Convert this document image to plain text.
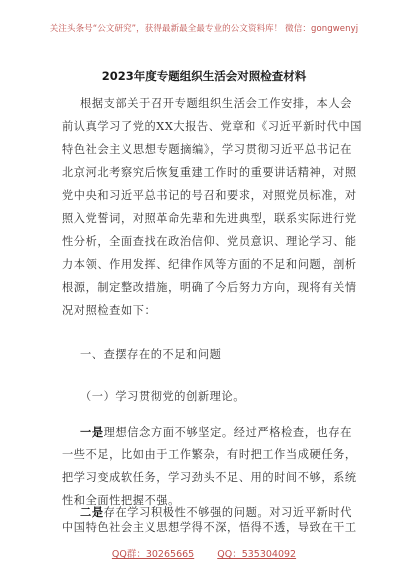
关注头条号“公文研究”，获得最新最全最专业的公文资料库！ 微信：gongwenyj
2023年度专题组织生活会对照检查材料
根据支部关于召开专题组织生活会工作安排，本人会
前认真学习了党的XX大报告、党章和《习近平新时代中国
特色社会主义思想专题摘编》，学习贯彻习近平总书记在
北京河北考察究后恢复重建工作时的重要讲话精神，对照
党中央和习近平总书记的号召和要求，对照党员标准，对
照入党誓词，对照革命先辈和先进典型，联系实际进行党
性分析，全面查找在政治信仰、党员意识、理论学习、能
力本领、作用发挥、纪律作风等方面的不足和问题，剖析
根源，制定整改措施，明确了今后努力方向，现将有关情
况对照检查如下：
一、查摆存在的不足和问题
（一）学习贯彻党的创新理论。
一是理想信念方面不够坚定。经过严格检查，也存在
一些不足，比如由于工作繁杂，有时把工作当成硬任务，
把学习变成软任务，学习劲头不足、用的时间不够，系统
性和全面性把握不强。
QQ群：30265665 QQ：535304092
二是存在学习积极性不够强的问题。对习近平新时代
中国特色社会主义思想学得不深，悟得不透，导致在干工
